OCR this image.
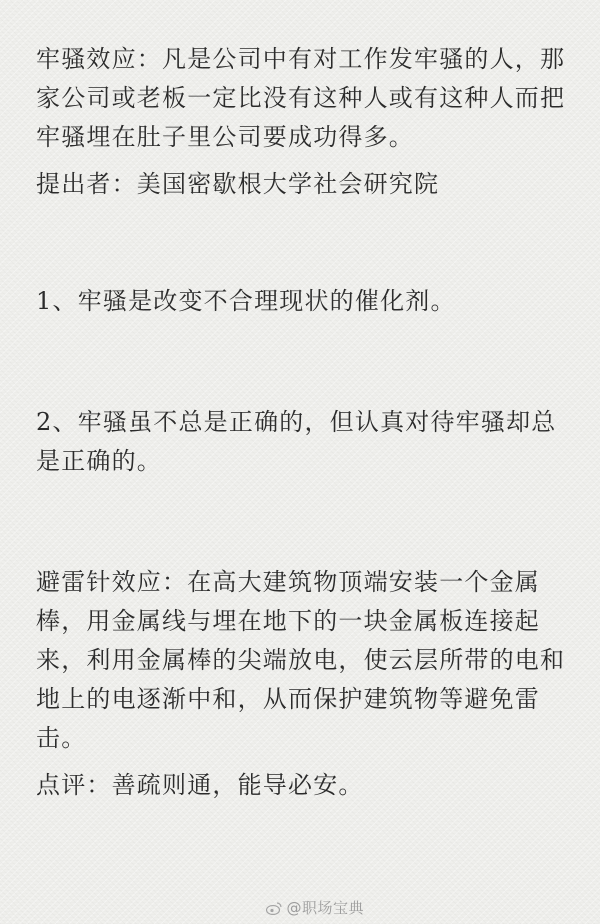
牢骚效应：凡是公司中有对工作发牢骚的人，那家公司或老板一定比没有这种人或有这种人而把牢骚埋在肚子里公司要成功得多。

提出者：美国密歇根大学社会研究院

1、牢骚是改变不合理现状的催化剂。

2、牢骚虽不总是正确的，但认真对待牢骚却总是正确的。

避雷针效应：在高大建筑物顶端安装一个金属棒，用金属线与埋在地下的一块金属板连接起来，利用金属棒的尖端放电，使云层所带的电和地上的电逐渐中和，从而保护建筑物等避免雷击。

点评：善疏则通，能导必安。

@职场宝典
